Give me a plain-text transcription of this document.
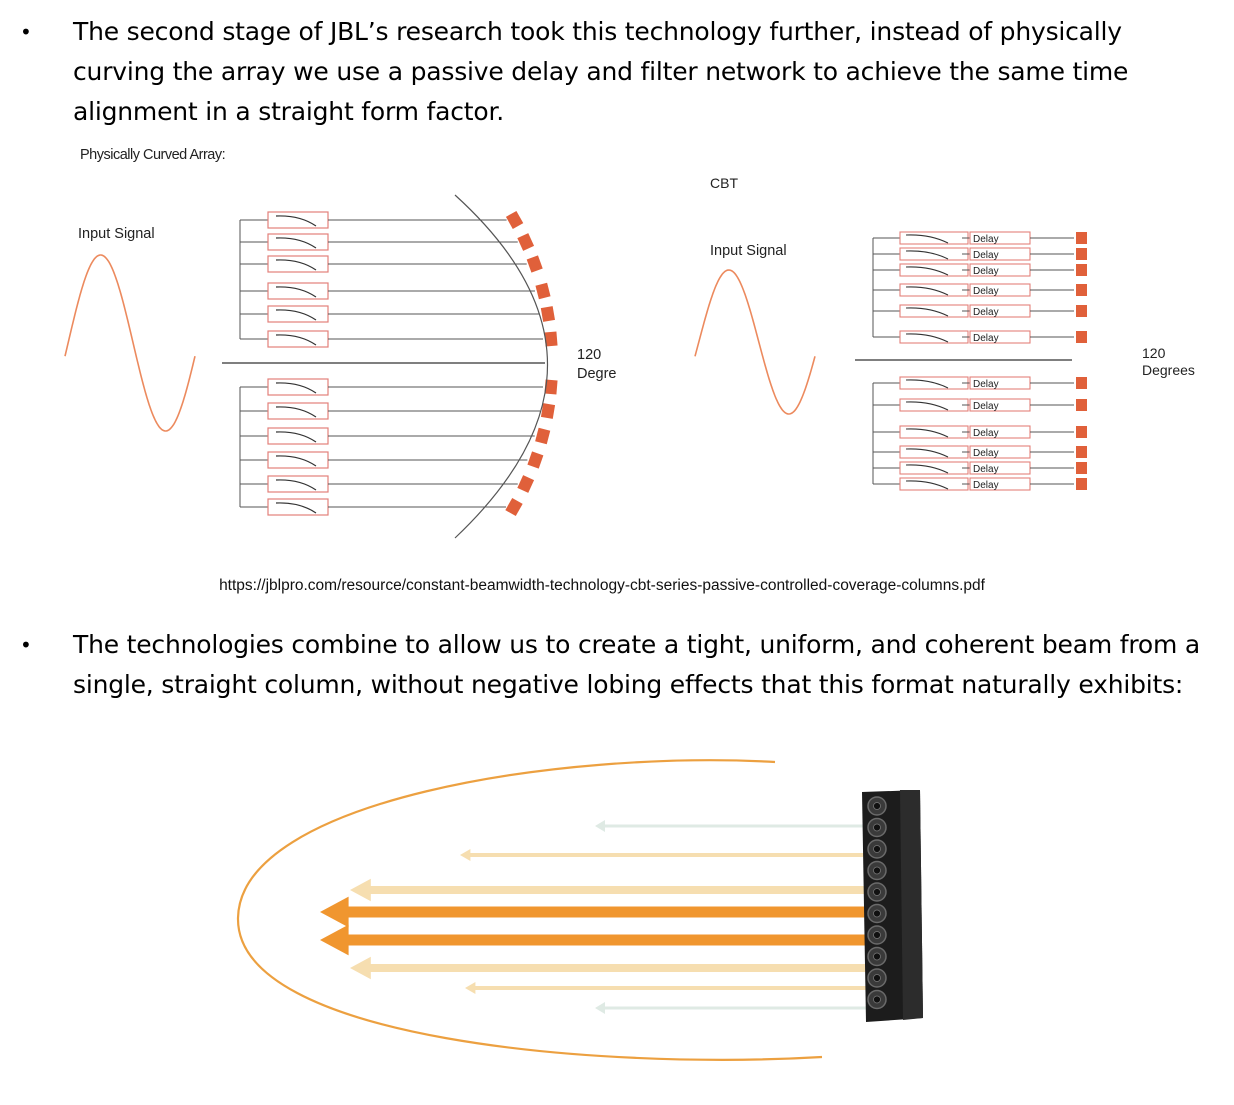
• The second stage of JBL’s research took this technology further, instead of physically curving the array we use a passive delay and filter network to achieve the same time alignment in a straight form factor.
Physically Curved Array:
Input Signal
120
Degre
CBT
Input Signal
120
Degrees
https://jblpro.com/resource/constant-beamwidth-technology-cbt-series-passive-controlled-coverage-columns.pdf
• The technologies combine to allow us to create a tight, uniform, and coherent beam from a single, straight column, without negative lobing effects that this format naturally exhibits:
Delay
Delay
Delay
Delay
Delay
Delay
Delay
Delay
Delay
Delay
Delay
Delay
